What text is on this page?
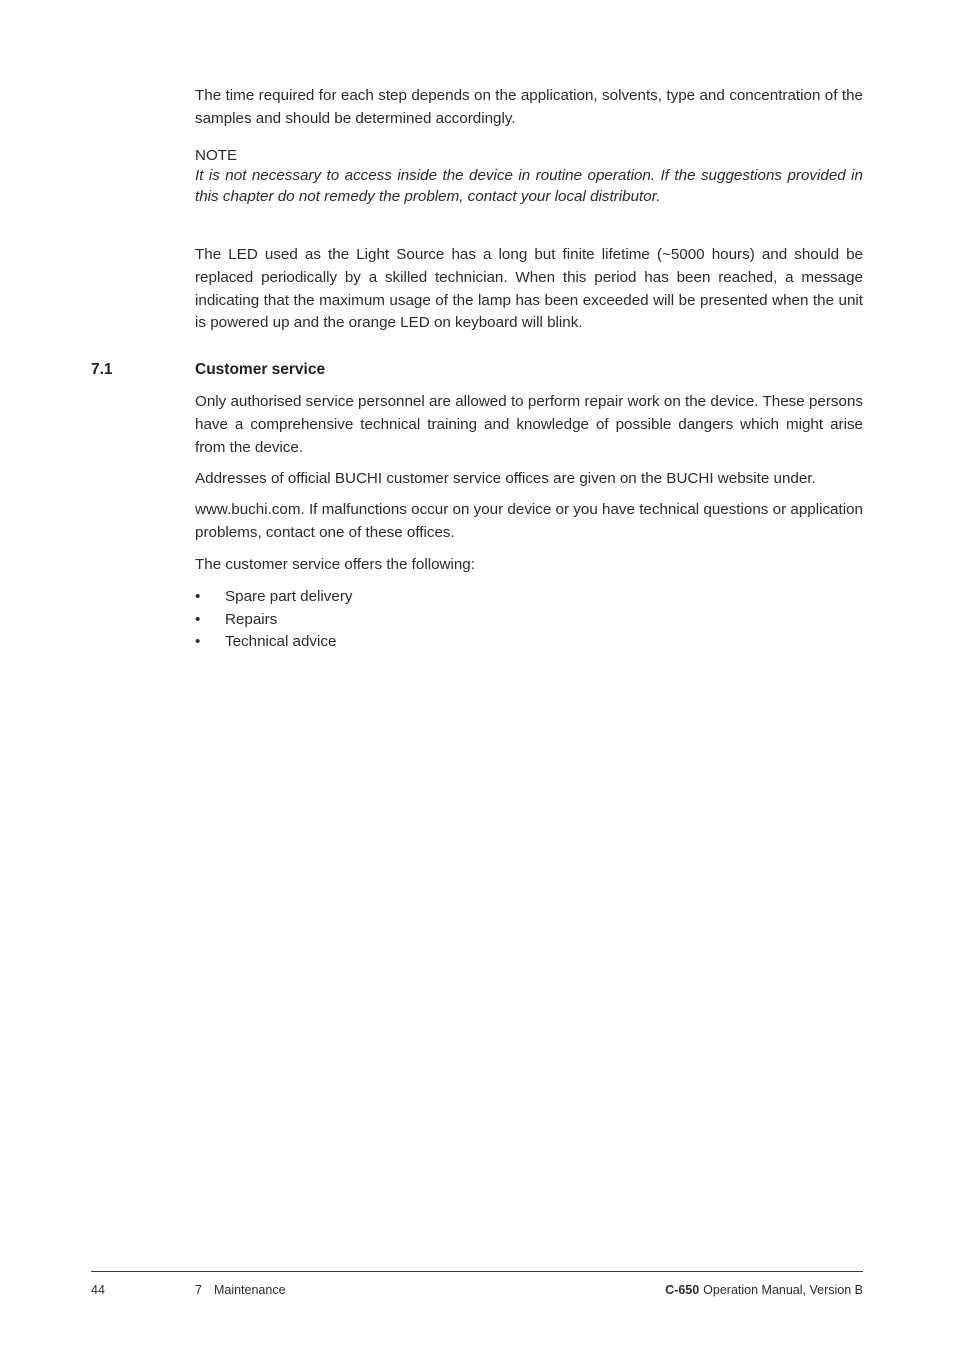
The time required for each step depends on the application, solvents, type and concentration of the samples and should be determined accordingly.

NOTE

It is not necessary to access inside the device in routine operation. If the suggestions provided in this chapter do not remedy the problem, contact your local distributor.

The LED used as the Light Source has a long but finite lifetime (~5000 hours) and should be replaced periodically by a skilled technician. When this period has been reached, a message indicating that the maximum usage of the lamp has been exceeded will be presented when the unit is powered up and the orange LED on keyboard will blink.

7.1	Customer service

Only authorised service personnel are allowed to perform repair work on the device. These persons have a comprehensive technical training and knowledge of possible dangers which might arise from the device.

Addresses of official BUCHI customer service offices are given on the BUCHI website under.

www.buchi.com. If malfunctions occur on your device or you have technical questions or application problems, contact one of these offices.

The customer service offers the following:

• Spare part delivery
• Repairs
• Technical advice
44	7 Maintenance	C-650 Operation Manual, Version B
